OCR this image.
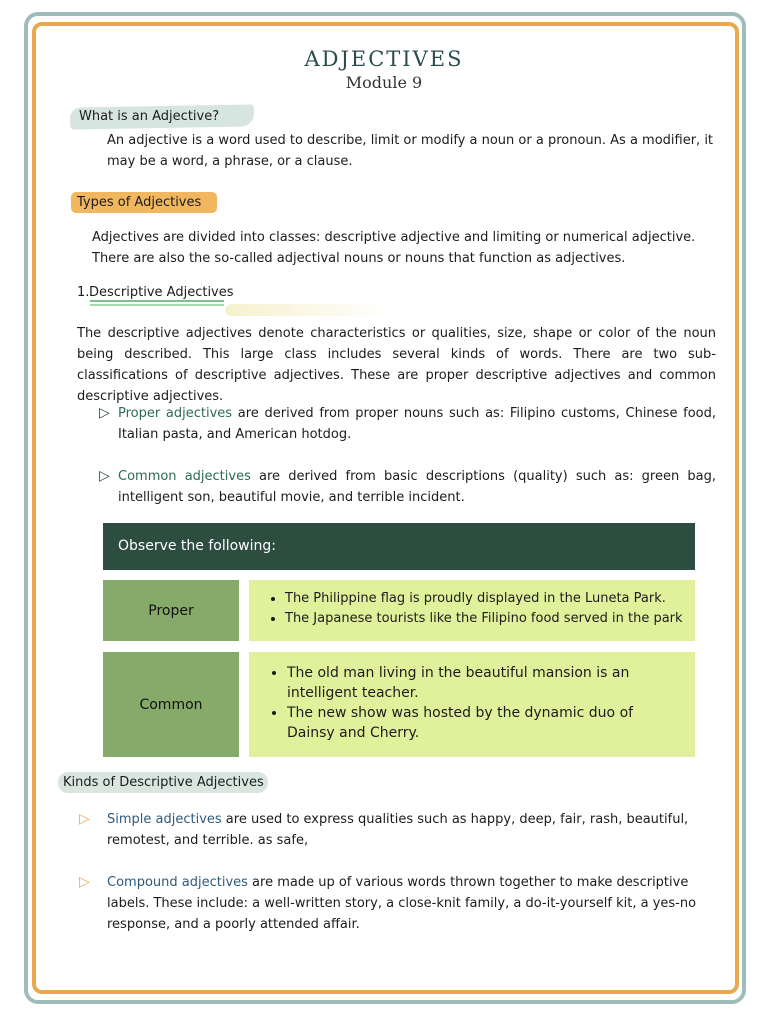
ADJECTIVES
Module 9
What is an Adjective?
An adjective is a word used to describe, limit or modify a noun or a pronoun. As a modifier, it
may be a word, a phrase, or a clause.
Types of Adjectives
Adjectives are divided into classes: descriptive adjective and limiting or numerical adjective.
There are also the so-called adjectival nouns or nouns that function as adjectives.
1. Descriptive Adjectives
The descriptive adjectives denote characteristics or qualities, size, shape or color of the noun being described. This large class includes several kinds of words. There are two sub-classifications of descriptive adjectives. These are proper descriptive adjectives and common descriptive adjectives.
▷ Proper adjectives are derived from proper nouns such as: Filipino customs, Chinese food, Italian pasta, and American hotdog.
▷ Common adjectives are derived from basic descriptions (quality) such as: green bag, intelligent son, beautiful movie, and terrible incident.
Observe the following:
Proper
• The Philippine flag is proudly displayed in the Luneta Park.
• The Japanese tourists like the Filipino food served in the park
Common
• The old man living in the beautiful mansion is an intelligent teacher.
• The new show was hosted by the dynamic duo of Dainsy and Cherry.
Kinds of Descriptive Adjectives
▷ Simple adjectives are used to express qualities such as happy, deep, fair, rash, beautiful, remotest, and terrible. as safe,
▷ Compound adjectives are made up of various words thrown together to make descriptive labels. These include: a well-written story, a close-knit family, a do-it-yourself kit, a yes-no response, and a poorly attended affair.
